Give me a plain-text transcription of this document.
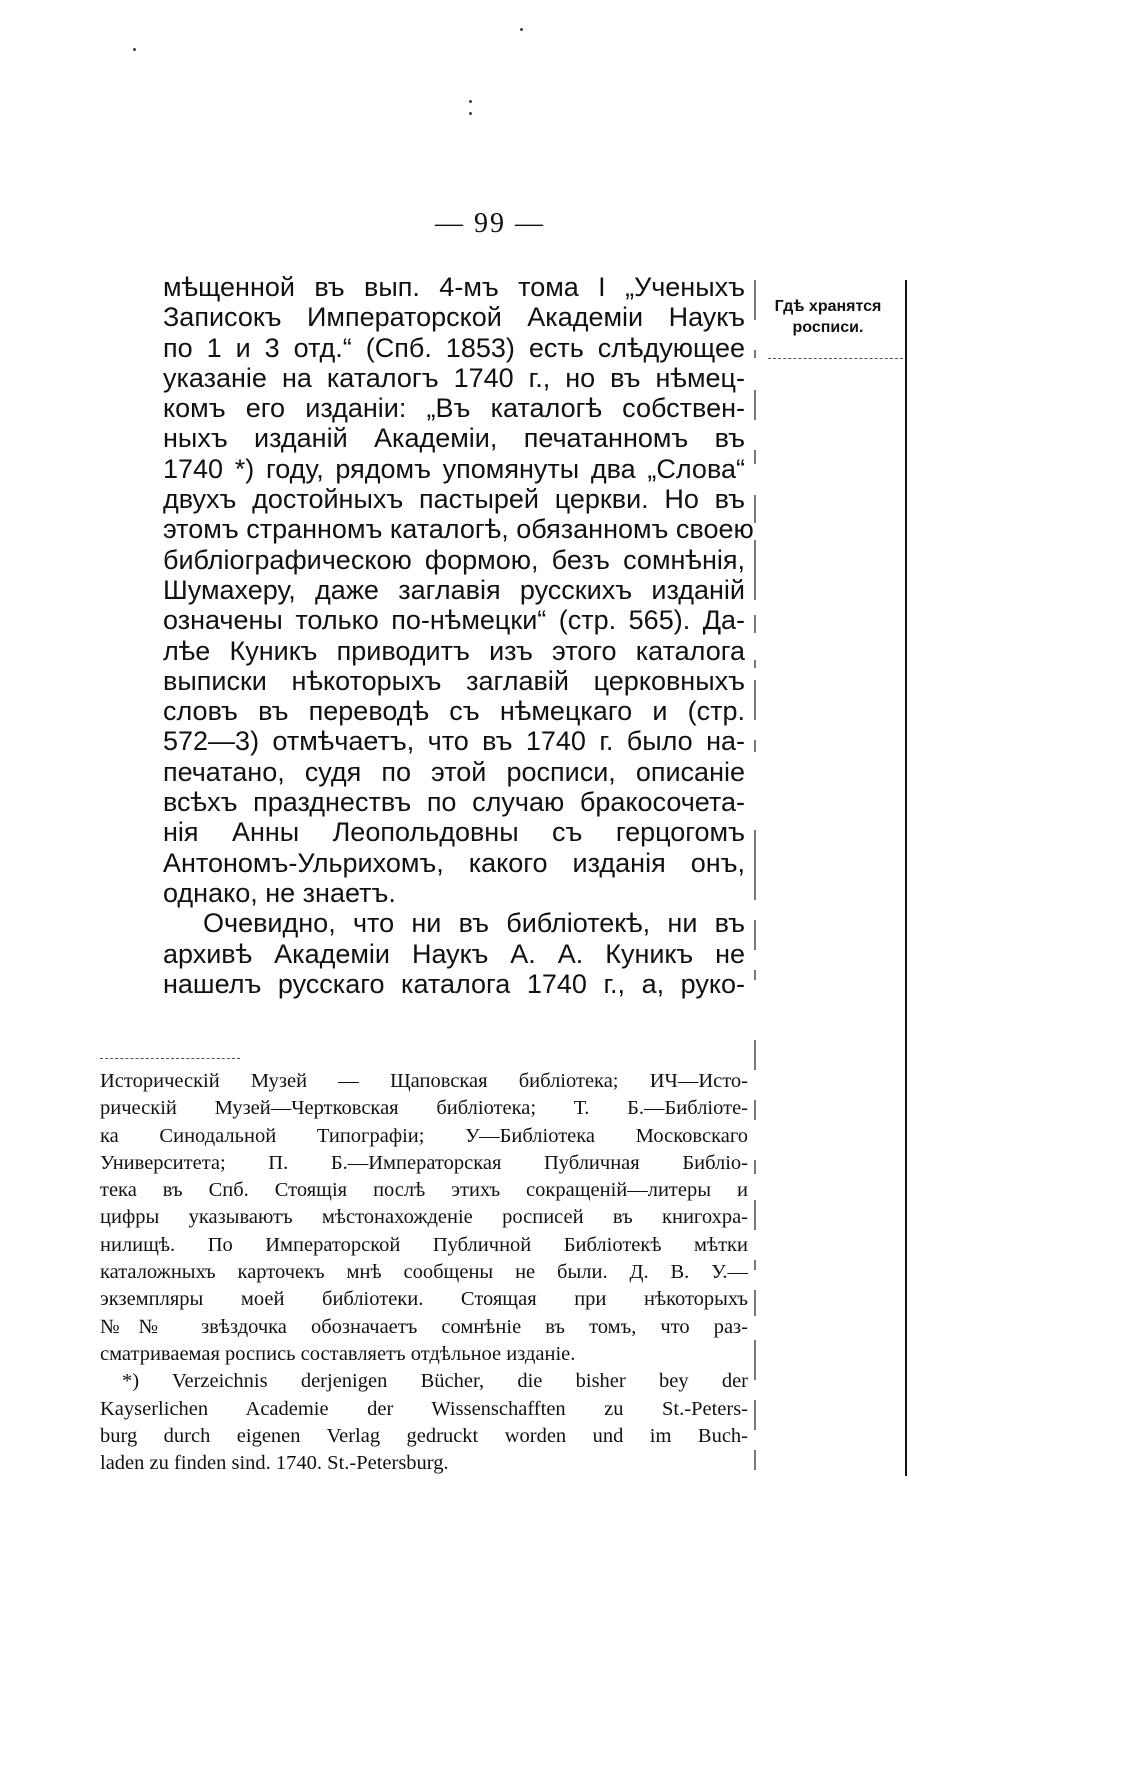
— 99 —

мѣщенной въ вып. 4-мъ тома I „Ученыхъ
Записокъ Императорской Академіи Наукъ
по 1 и 3 отд.“ (Спб. 1853) есть слѣдующее
указаніе на каталогъ 1740 г., но въ нѣмец-
комъ его изданіи: „Въ каталогѣ собствен-
ныхъ изданій Академіи, печатанномъ въ
1740 *) году, рядомъ упомянуты два „Слова“
двухъ достойныхъ пастырей церкви. Но въ
этомъ странномъ каталогѣ, обязанномъ своею
библіографическою формою, безъ сомнѣнія,
Шумахеру, даже заглавія русскихъ изданій
означены только по-нѣмецки“ (стр. 565). Да-
лѣе Куникъ приводитъ изъ этого каталога
выписки нѣкоторыхъ заглавій церковныхъ
словъ въ переводѣ съ нѣмецкаго и (стр.
572—3) отмѣчаетъ, что въ 1740 г. было на-
печатано, судя по этой росписи, описаніе
всѣхъ празднествъ по случаю бракосочета-
нія Анны Леопольдовны съ герцогомъ
Антономъ-Ульрихомъ, какого изданія онъ,
однако, не знаетъ.

Очевидно, что ни въ библіотекѣ, ни въ
архивѣ Академіи Наукъ А. А. Куникъ не
нашелъ русскаго каталога 1740 г., а, руко-

Историческій Музей — Щаповская библіотека; ИЧ—Исто-
рическій Музей—Чертковская библіотека; Т. Б.—Библіоте-
ка Синодальной Типографіи; У—Библіотека Московскаго
Университета; П. Б.—Императорская Публичная Библіо-
тека въ Спб. Стоящія послѣ этихъ сокращеній—литеры и
цифры указываютъ мѣстонахожденіе росписей въ книгохра-
нилищѣ. По Императорской Публичной Библіотекѣ мѣтки
каталожныхъ карточекъ мнѣ сообщены не были. Д. В. У.—
экземпляры моей библіотеки. Стоящая при нѣкоторыхъ
№№ звѣздочка обозначаетъ сомнѣніе въ томъ, что раз-
сматриваемая роспись составляетъ отдѣльное изданіе.
*) Verzeichnis derjenigen Bücher, die bisher bey der
Kayserlichen Academie der Wissenschafften zu St.-Peters-
burg durch eigenen Verlag gedruckt worden und im Buch-
laden zu finden sind. 1740. St.-Petersburg.
Гдѣ хранятся
росписи.
